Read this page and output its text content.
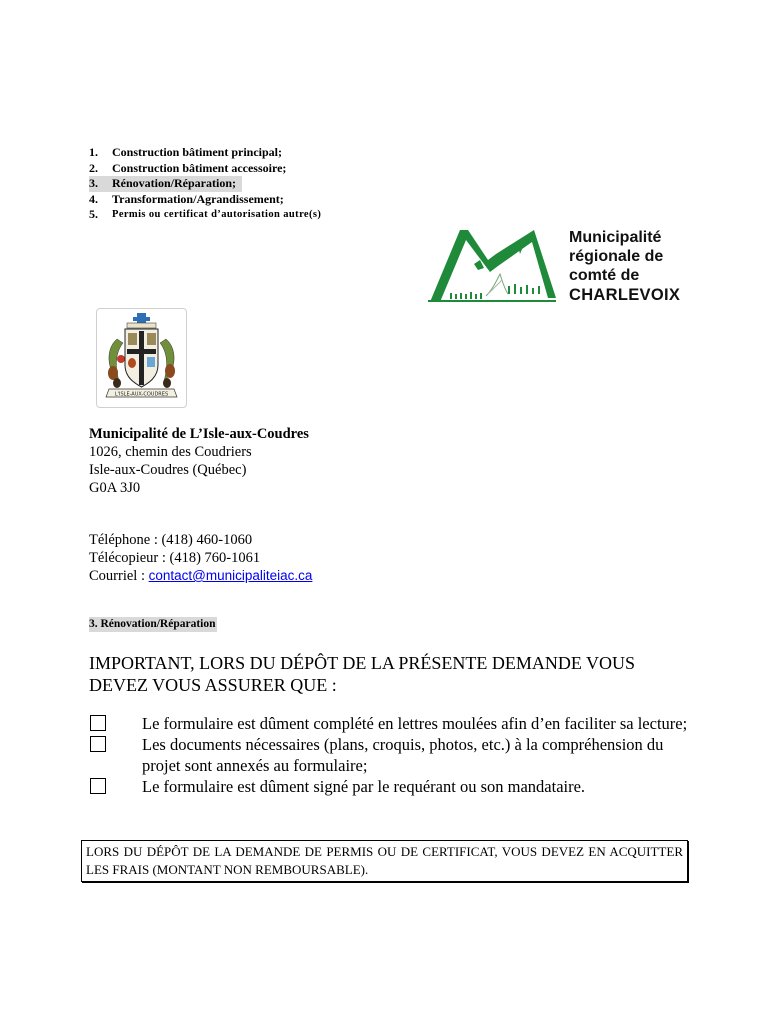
1.	Construction bâtiment principal;
2.	Construction bâtiment accessoire;
3.	Rénovation/Réparation;
4.	Transformation/Agrandissement;
5.	Permis ou certificat d’autorisation autre(s)

Municipalité
régionale de
comté de
CHARLEVOIX

L'ISLE-AUX-COUDRES
Municipalité de L’Isle-aux-Coudres
1026, chemin des Coudriers
Isle-aux-Coudres (Québec)
G0A 3J0
Téléphone : (418) 460-1060
Télécopieur : (418) 760-1061
Courriel : contact@municipaliteiac.ca
3. Rénovation/Réparation
IMPORTANT, LORS DU DÉPÔT DE LA PRÉSENTE DEMANDE VOUS DEVEZ VOUS ASSURER QUE :
Le formulaire est dûment complété en lettres moulées afin d’en faciliter sa lecture;
Les documents nécessaires (plans, croquis, photos, etc.) à la compréhension du projet sont annexés au formulaire;
Le formulaire est dûment signé par le requérant ou son mandataire.
LORS DU DÉPÔT DE LA DEMANDE DE PERMIS OU DE CERTIFICAT, VOUS DEVEZ EN ACQUITTER LES FRAIS (MONTANT NON REMBOURSABLE).
